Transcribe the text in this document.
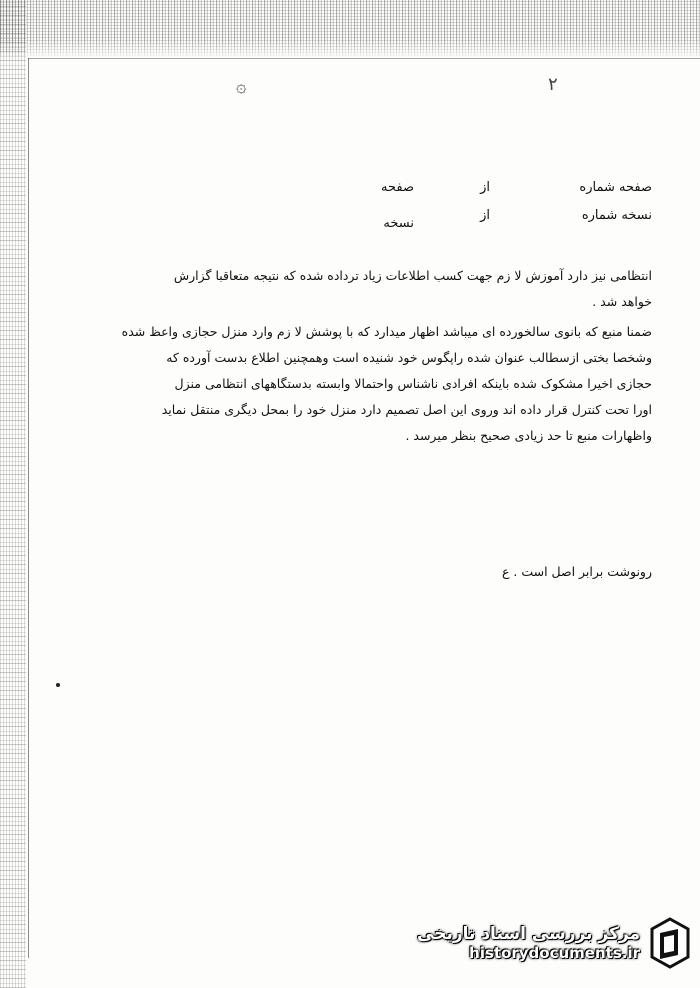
۞	۲
صفحه شماره
از
صفحه
نسخه شماره
از
نسخه
انتظامی نیز دارد آموزش لا زم جهت کسب اطلاعات زیاد ترداده شده که نتیجه متعاقبا گزارش
خواهد شد .
ضمنا منبع که بانوی سالخورده ای میباشد اظهار میدارد که با پوشش لا زم وارد منزل حجازی واعظ شده
وشخصا بختی ازسطالب عنوان شده راپگوس خود شنیده است وهمچنین اطلاع بدست آورده که
حجازی اخیرا مشکوک شده باینکه افرادی ناشناس واحتمالا وابسته بدستگاههای انتظامی منزل
اورا تحت کنترل قرار داده اند وروی این اصل تصمیم دارد منزل خود را بمحل دیگری منتقل نماید
واظهارات منبع تا حد زیادی صحیح بنظر میرسد .
رونوشت برابر اصل است . ع
مرکز بررسی اسناد تاریخی
historydocuments.ir
